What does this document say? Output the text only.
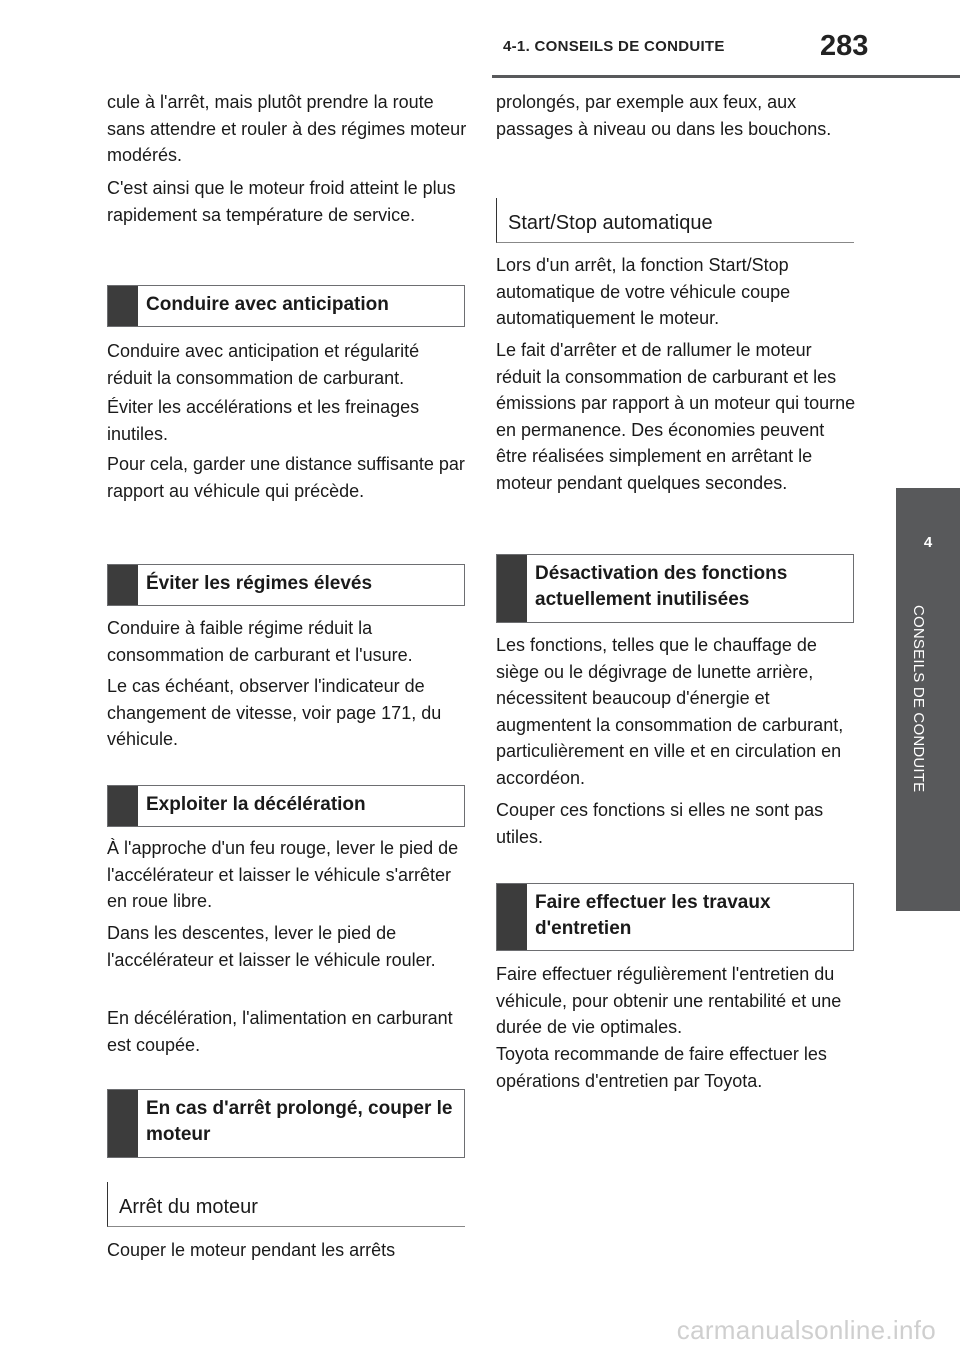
4-1. CONSEILS DE CONDUITE	283
4
CONSEILS DE CONDUITE

cule à l'arrêt, mais plutôt prendre la route sans attendre et rouler à des régimes moteur modérés.

C'est ainsi que le moteur froid atteint le plus rapidement sa température de service.

Conduire avec anticipation

Conduire avec anticipation et régularité réduit la consommation de carburant.

Éviter les accélérations et les freinages inutiles.

Pour cela, garder une distance suffisante par rapport au véhicule qui précède.

Éviter les régimes élevés

Conduire à faible régime réduit la consommation de carburant et l'usure.

Le cas échéant, observer l'indicateur de changement de vitesse, voir page 171, du véhicule.

Exploiter la décélération

À l'approche d'un feu rouge, lever le pied de l'accélérateur et laisser le véhicule s'arrêter en roue libre.

Dans les descentes, lever le pied de l'accélérateur et laisser le véhicule rouler.

En décélération, l'alimentation en carburant est coupée.

En cas d'arrêt prolongé, couper le moteur
Arrêt du moteur

Couper le moteur pendant les arrêts

prolongés, par exemple aux feux, aux passages à niveau ou dans les bouchons.

Start/Stop automatique

Lors d'un arrêt, la fonction Start/Stop automatique de votre véhicule coupe automatiquement le moteur.

Le fait d'arrêter et de rallumer le moteur réduit la consommation de carburant et les émissions par rapport à un moteur qui tourne en permanence. Des économies peuvent être réalisées simplement en arrêtant le moteur pendant quelques secondes.

Désactivation des fonctions actuellement inutilisées

Les fonctions, telles que le chauffage de siège ou le dégivrage de lunette arrière, nécessitent beaucoup d'énergie et augmentent la consommation de carburant, particulièrement en ville et en circulation en accordéon.

Couper ces fonctions si elles ne sont pas utiles.

Faire effectuer les travaux d'entretien

Faire effectuer régulièrement l'entretien du véhicule, pour obtenir une rentabilité et une durée de vie optimales.

Toyota recommande de faire effectuer les opérations d'entretien par Toyota.

carmanualsonline.info
